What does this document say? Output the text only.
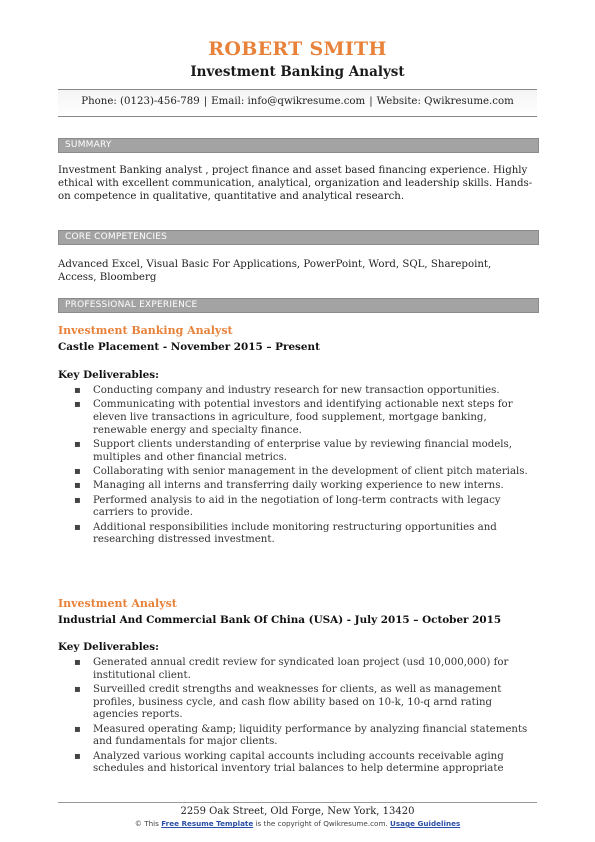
ROBERT SMITH
Investment Banking Analyst
Phone: (0123)-456-789 | Email: info@qwikresume.com | Website: Qwikresume.com
SUMMARY
Investment Banking analyst , project finance and asset based financing experience. Highly ethical with excellent communication, analytical, organization and leadership skills. Hands-on competence in qualitative, quantitative and analytical research.
CORE COMPETENCIES
Advanced Excel, Visual Basic For Applications, PowerPoint, Word, SQL, Sharepoint, Access, Bloomberg
PROFESSIONAL EXPERIENCE
Investment Banking Analyst
Castle Placement - November 2015 – Present
Key Deliverables:
▪ Conducting company and industry research for new transaction opportunities.
▪ Communicating with potential investors and identifying actionable next steps for eleven live transactions in agriculture, food supplement, mortgage banking, renewable energy and specialty finance.
▪ Support clients understanding of enterprise value by reviewing financial models, multiples and other financial metrics.
▪ Collaborating with senior management in the development of client pitch materials.
▪ Managing all interns and transferring daily working experience to new interns.
▪ Performed analysis to aid in the negotiation of long-term contracts with legacy carriers to provide.
▪ Additional responsibilities include monitoring restructuring opportunities and researching distressed investment.
Investment Analyst
Industrial And Commercial Bank Of China (USA) - July 2015 – October 2015
Key Deliverables:
▪ Generated annual credit review for syndicated loan project (usd 10,000,000) for institutional client.
▪ Surveilled credit strengths and weaknesses for clients, as well as management profiles, business cycle, and cash flow ability based on 10-k, 10-q arnd rating agencies reports.
▪ Measured operating &amp; liquidity performance by analyzing financial statements and fundamentals for major clients.
▪ Analyzed various working capital accounts including accounts receivable aging schedules and historical inventory trial balances to help determine appropriate
2259 Oak Street, Old Forge, New York, 13420
© This Free Resume Template is the copyright of Qwikresume.com. Usage Guidelines
